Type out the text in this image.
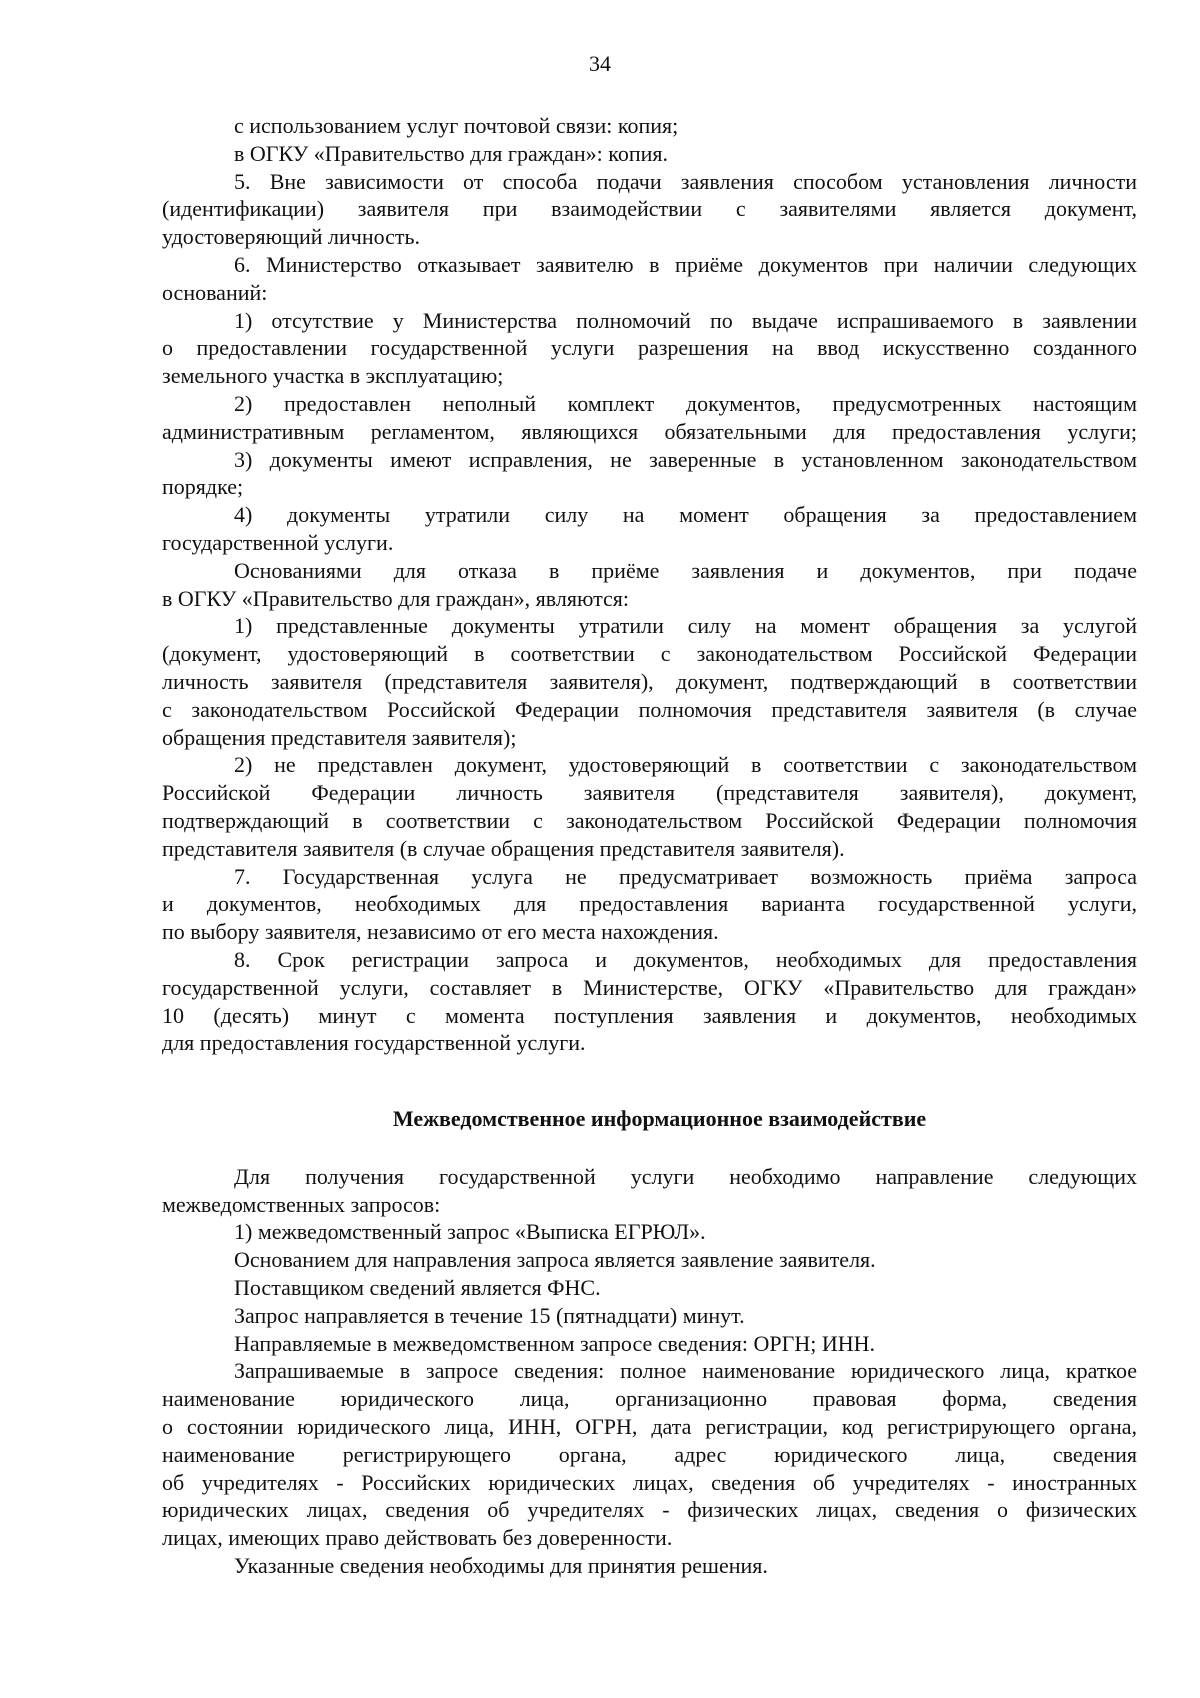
34
с использованием услуг почтовой связи: копия;
в ОГКУ «Правительство для граждан»: копия.
5. Вне зависимости от способа подачи заявления способом установления личности
(идентификации) заявителя при взаимодействии с заявителями является документ,
удостоверяющий личность.
6. Министерство отказывает заявителю в приёме документов при наличии следующих
оснований:
1) отсутствие у Министерства полномочий по выдаче испрашиваемого в заявлении
о предоставлении государственной услуги разрешения на ввод искусственно созданного
земельного участка в эксплуатацию;
2) предоставлен неполный комплект документов, предусмотренных настоящим
административным регламентом, являющихся обязательными для предоставления услуги;
3) документы имеют исправления, не заверенные в установленном законодательством
порядке;
4) документы утратили силу на момент обращения за предоставлением
государственной услуги.
Основаниями для отказа в приёме заявления и документов, при подаче
в ОГКУ «Правительство для граждан», являются:
1) представленные документы утратили силу на момент обращения за услугой
(документ, удостоверяющий в соответствии с законодательством Российской Федерации
личность заявителя (представителя заявителя), документ, подтверждающий в соответствии
с законодательством Российской Федерации полномочия представителя заявителя (в случае
обращения представителя заявителя);
2) не представлен документ, удостоверяющий в соответствии с законодательством
Российской Федерации личность заявителя (представителя заявителя), документ,
подтверждающий в соответствии с законодательством Российской Федерации полномочия
представителя заявителя (в случае обращения представителя заявителя).
7. Государственная услуга не предусматривает возможность приёма запроса
и документов, необходимых для предоставления варианта государственной услуги,
по выбору заявителя, независимо от его места нахождения.
8. Срок регистрации запроса и документов, необходимых для предоставления
государственной услуги, составляет в Министерстве, ОГКУ «Правительство для граждан»
10 (десять) минут с момента поступления заявления и документов, необходимых
для предоставления государственной услуги.
Межведомственное информационное взаимодействие
Для получения государственной услуги необходимо направление следующих
межведомственных запросов:
1) межведомственный запрос «Выписка ЕГРЮЛ».
Основанием для направления запроса является заявление заявителя.
Поставщиком сведений является ФНС.
Запрос направляется в течение 15 (пятнадцати) минут.
Направляемые в межведомственном запросе сведения: ОРГН; ИНН.
Запрашиваемые в запросе сведения: полное наименование юридического лица, краткое
наименование юридического лица, организационно правовая форма, сведения
о состоянии юридического лица, ИНН, ОГРН, дата регистрации, код регистрирующего органа,
наименование регистрирующего органа, адрес юридического лица, сведения
об учредителях - Российских юридических лицах, сведения об учредителях - иностранных
юридических лицах, сведения об учредителях - физических лицах, сведения о физических
лицах, имеющих право действовать без доверенности.
Указанные сведения необходимы для принятия решения.
